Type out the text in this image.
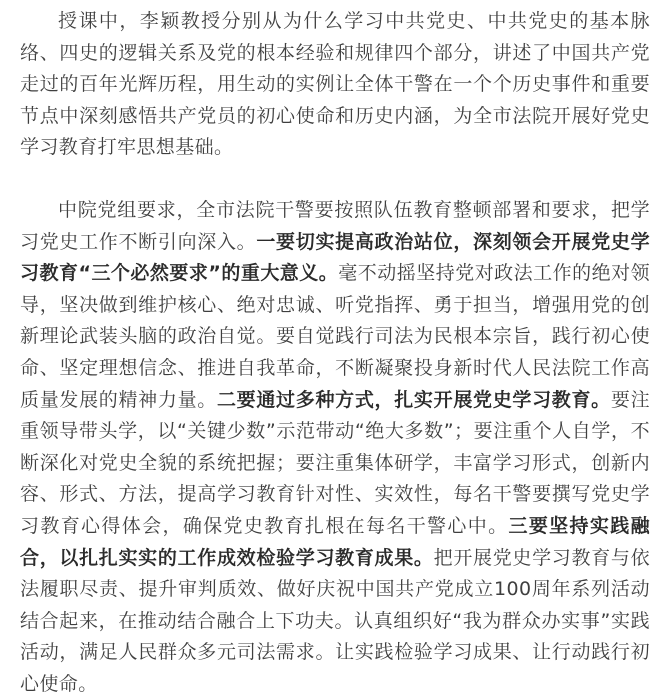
授课中，李颖教授分别从为什么学习中共党史、中共党史的基本脉络、四史的逻辑关系及党的根本经验和规律四个部分，讲述了中国共产党走过的百年光辉历程，用生动的实例让全体干警在一个个历史事件和重要节点中深刻感悟共产党员的初心使命和历史内涵，为全市法院开展好党史学习教育打牢思想基础。

中院党组要求，全市法院干警要按照队伍教育整顿部署和要求，把学习党史工作不断引向深入。一要切实提高政治站位，深刻领会开展党史学习教育“三个必然要求”的重大意义。毫不动摇坚持党对政法工作的绝对领导，坚决做到维护核心、绝对忠诚、听党指挥、勇于担当，增强用党的创新理论武装头脑的政治自觉。要自觉践行司法为民根本宗旨，践行初心使命、坚定理想信念、推进自我革命，不断凝聚投身新时代人民法院工作高质量发展的精神力量。二要通过多种方式，扎实开展党史学习教育。要注重领导带头学，以“关键少数”示范带动“绝大多数”；要注重个人自学，不断深化对党史全貌的系统把握；要注重集体研学，丰富学习形式，创新内容、形式、方法，提高学习教育针对性、实效性，每名干警要撰写党史学习教育心得体会，确保党史教育扎根在每名干警心中。三要坚持实践融合，以扎扎实实的工作成效检验学习教育成果。把开展党史学习教育与依法履职尽责、提升审判质效、做好庆祝中国共产党成立100周年系列活动结合起来，在推动结合融合上下功夫。认真组织好“我为群众办实事”实践活动，满足人民群众多元司法需求。让实践检验学习成果、让行动践行初心使命。
